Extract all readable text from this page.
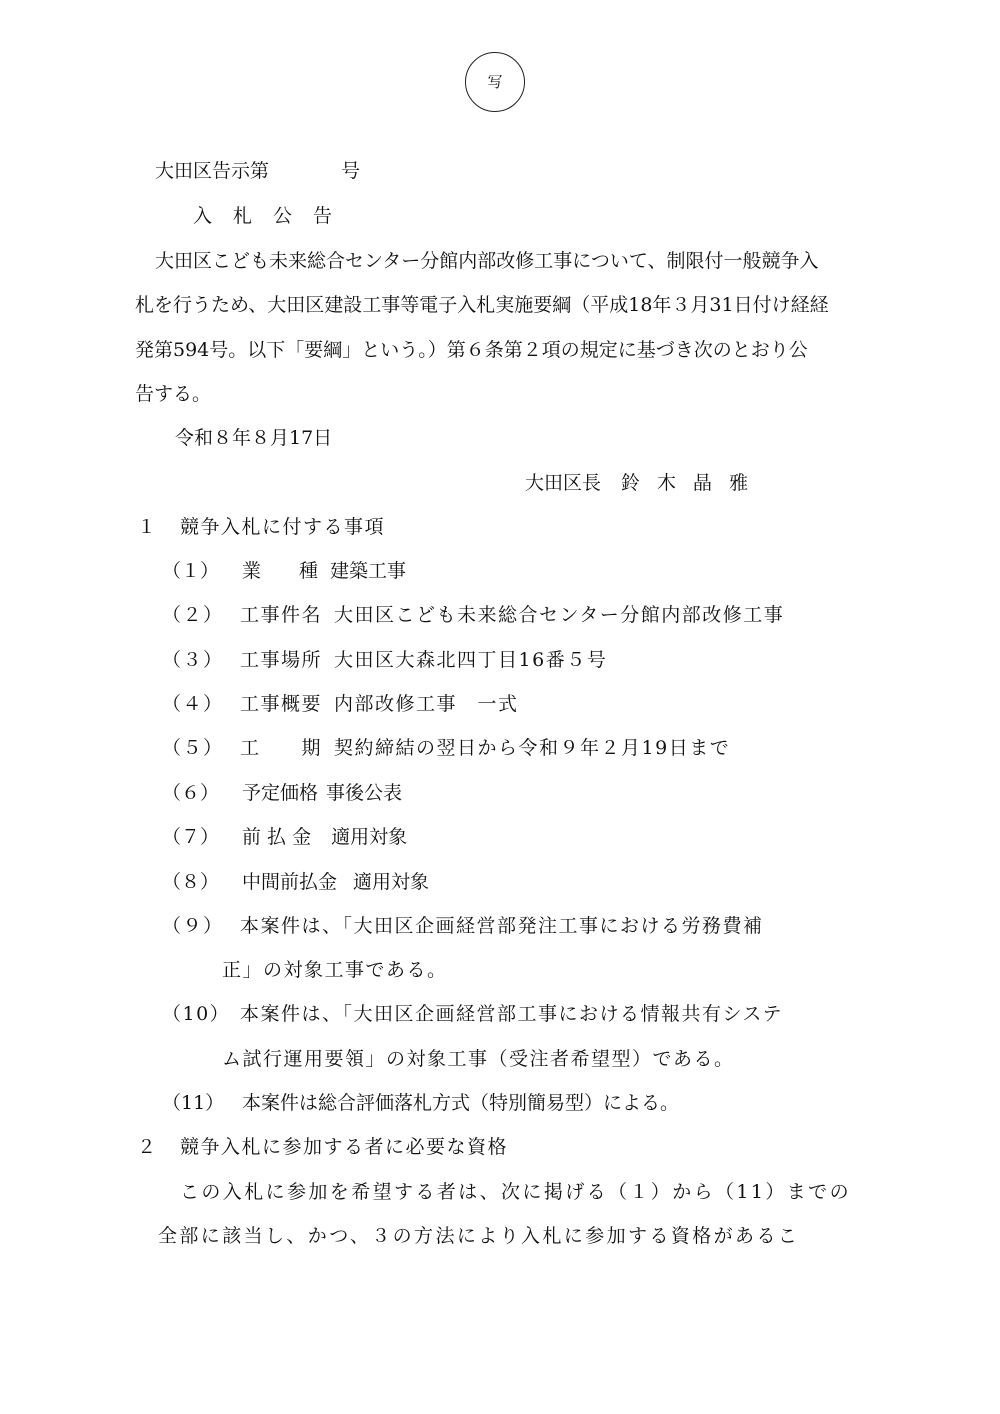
写
大田区告示第	号
入 札 公 告
大田区こども未来総合センター分館内部改修工事について、制限付一般競争入
札を行うため、大田区建設工事等電子入札実施要綱（平成18年３月31日付け経経
発第594号。以下「要綱」という。）第６条第２項の規定に基づき次のとおり公
告する。
令和８年８月17日
大田区長 鈴 木 晶 雅
１ 競争入札に付する事項
（１） 業　　種 建築工事
（２） 工事件名 大田区こども未来総合センター分館内部改修工事
（３） 工事場所 大田区大森北四丁目16番５号
（４） 工事概要 内部改修工事　一式
（５） 工　　期 契約締結の翌日から令和９年２月19日まで
（６） 予定価格 事後公表
（７） 前 払 金 適用対象
（８） 中間前払金 適用対象
（９） 本案件は、「大田区企画経営部発注工事における労務費補
正」の対象工事である。
（10） 本案件は、「大田区企画経営部工事における情報共有システ
ム試行運用要領」の対象工事（受注者希望型）である。
（11） 本案件は総合評価落札方式（特別簡易型）による。
２ 競争入札に参加する者に必要な資格
この入札に参加を希望する者は、次に掲げる（１）から（11）までの
全部に該当し、かつ、３の方法により入札に参加する資格があるこ
